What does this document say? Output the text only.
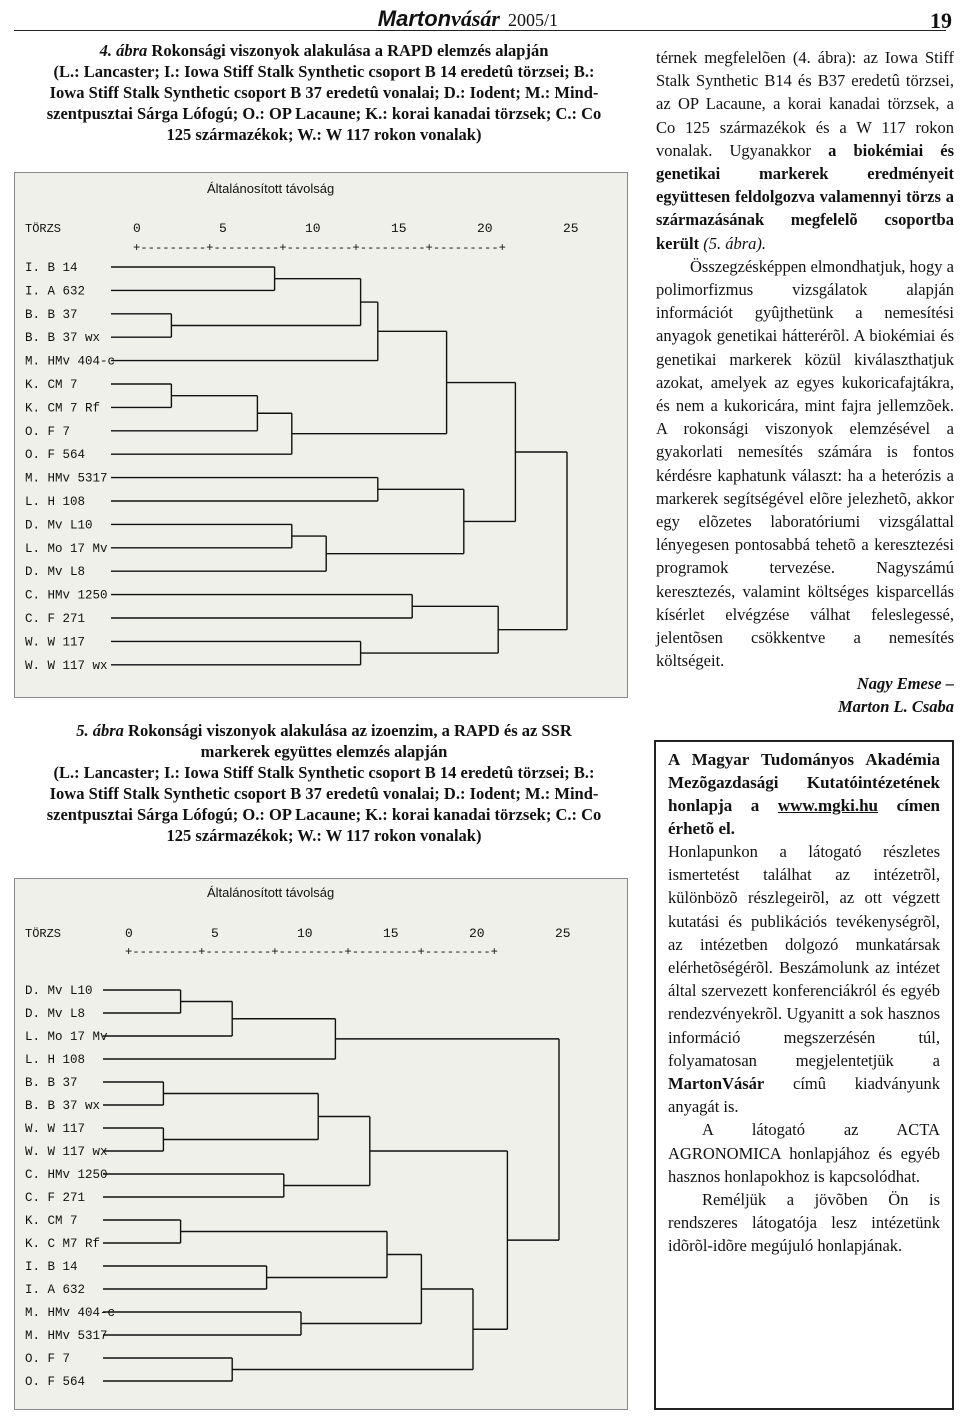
Martonvásár 2005/1	19
4. ábra Rokonsági viszonyok alakulása a RAPD elemzés alapján
(L.: Lancaster; I.: Iowa Stiff Stalk Synthetic csoport B 14 eredetû törzsei; B.:
Iowa Stiff Stalk Synthetic csoport B 37 eredetû vonalai; D.: Iodent; M.: Mind-
szentpusztai Sárga Lófogú; O.: OP Lacaune; K.: korai kanadai törzsek; C.: Co
125 származékok; W.: W 117 rokon vonalak)
Általánosított távolság
TÖRZS	0	5	10	15	20	25
+---------+---------+---------+---------+---------+
I. B 14
I. A 632
B. B 37
B. B 37 wx
M. HMv 404-c
K. CM 7
K. CM 7 Rf
O. F 7
O. F 564
M. HMv 5317
L. H 108
D. Mv L10
L. Mo 17 Mv
D. Mv L8
C. HMv 1250
C. F 271
W. W 117
W. W 117 wx
5. ábra Rokonsági viszonyok alakulása az izoenzim, a RAPD és az SSR
markerek együttes elemzés alapján
(L.: Lancaster; I.: Iowa Stiff Stalk Synthetic csoport B 14 eredetû törzsei; B.:
Iowa Stiff Stalk Synthetic csoport B 37 eredetû vonalai; D.: Iodent; M.: Mind-
szentpusztai Sárga Lófogú; O.: OP Lacaune; K.: korai kanadai törzsek; C.: Co
125 származékok; W.: W 117 rokon vonalak)
Általánosított távolság
TÖRZS	0	5	10	15	20	25
+---------+---------+---------+---------+---------+
D. Mv L10
D. Mv L8
L. Mo 17 Mv
L. H 108
B. B 37
B. B 37 wx
W. W 117
W. W 117 wx
C. HMv 1250
C. F 271
K. CM 7
K. C M7 Rf
I. B 14
I. A 632
M. HMv 404-c
M. HMv 5317
O. F 7
O. F 564

térnek megfelelõen (4. ábra): az Iowa Stiff Stalk Synthetic B14 és B37 eredetû törzsei, az OP Lacaune, a korai kanadai törzsek, a Co 125 származékok és a W 117 rokon vonalak. Ugyanakkor a biokémiai és genetikai markerek eredményeit együttesen feldolgozva valamennyi törzs a származásának megfelelõ csoportba került (5. ábra).

Összegzésképpen elmondhatjuk, hogy a polimorfizmus vizsgálatok alapján információt gyûjthetünk a nemesítési anyagok genetikai hátterérõl. A biokémiai és genetikai markerek közül kiválaszthatjuk azokat, amelyek az egyes kukoricafajtákra, és nem a kukoricára, mint fajra jellemzõek. A rokonsági viszonyok elemzésével a gyakorlati nemesítés számára is fontos kérdésre kaphatunk választ: ha a heterózis a markerek segítségével elõre jelezhetõ, akkor egy elõzetes laboratóriumi vizsgálattal lényegesen pontosabbá tehetõ a keresztezési programok tervezése. Nagyszámú keresztezés, valamint költséges kisparcellás kísérlet elvégzése válhat feleslegessé, jelentõsen csökkentve a nemesítés költségeit.

Nagy Emese –
Marton L. Csaba
A Magyar Tudományos Akadémia Mezõgazdasági Kutatóintézetének honlapja a www.mgki.hu címen érhetõ el.

Honlapunkon a látogató részletes ismertetést találhat az intézetrõl, különbözõ részlegeirõl, az ott végzett kutatási és publikációs tevékenységrõl, az intézetben dolgozó munkatársak elérhetõségérõl. Beszámolunk az intézet által szervezett konferenciákról és egyéb rendezvényekrõl. Ugyanitt a sok hasznos információ megszerzésén túl, folyamatosan megjelentetjük a MartonVásár címû kiadványunk anyagát is.

A látogató az ACTA AGRONOMICA honlapjához és egyéb hasznos honlapokhoz is kapcsolódhat.

Reméljük a jövõben Ön is rendszeres látogatója lesz intézetünk idõrõl-idõre megújuló honlapjának.
